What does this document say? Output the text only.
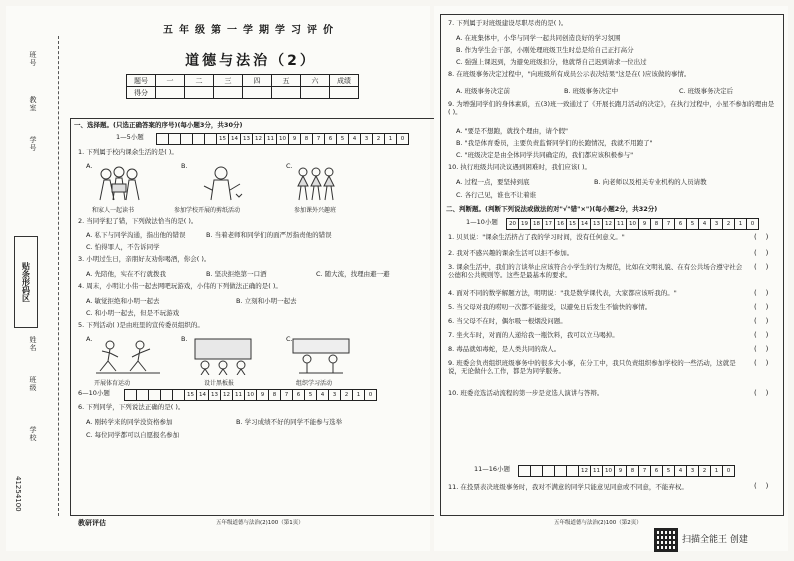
班号
教室
学号
姓名
班级
学校
贴条形码区
41254100
五年级第一学期学习评价
道德与法治（2）
题号	一	二	三	四	五	六	成绩
得分							
一、选择题。(只选正确答案的序号)(每小题3分，共30分)
1—5小题	15 14 13 12 11 10	9	8	7	6	5	4	3	2	1	0
1. 下列属于校内课余生活的是( )。
A.	B.	C.
和家人一起读书	参加学校开展的剪纸活动	参加课外兴趣班
2. 当同学犯了错，下列做法恰当的是( )。
A. 私下与同学沟通，指出他的错误	B. 当着老师和同学们的面严厉指责他的错误
C. 怕得罪人，不告诉同学
3. 小明过生日，亲朋好友劝你喝酒，你会( )。
A. 先陪他，实在不行就拨我	B. 坚决拒绝第一口酒	C. 随大流，找理由避一避
4. 周末，小明让小伟一起去网吧玩游戏，小伟的下列做法正确的是( )。
A. 敏觉拒绝和小明一起去	B. 立刻和小明一起去
C. 和小明一起去，但是不玩游戏
5. 下列活动( )是由班里的宣传委员组织的。
A.	B.	C.
开展体育运动	设计黑板报	组织学习活动
6—10小题	15 14 13 12 11 10	9	8	7	6	5	4	3	2	1	0
6. 下列同学，下列说法正确的是( )。
A. 刚转学来的同学没资格参加	B. 学习成绩不好的同学不能参与选举
C. 每位同学都可以自愿报名参加
教研评估	五年级道德与法治(2)100（第1页）
7. 下列属于对班级建设尽职尽责的是( )。
A. 在班集体中，小华与同学一起共同创造良好的学习氛围
B. 作为学生会干部，小刚处理班级卫生时总是给自己正打高分
C. 强强上课迟到，为避免班级扣分，他就帮自己迟到请求一位出过
8. 在班级事务决定过程中，"向班级所有成员公示表决结果"这是在( )应该做的事情。
A. 班级事务决定前	B. 班级事务决定中	C. 班级事务决定后
9. 为增强同学们的身体素质，五(3)班一致通过了《开展长跑月活动的决定》，在执行过程中，小星不参加的理由是( )。
A. "要是不想跑，就找个理由，请个假"
B. "我是体育委员，主要负责监督同学们的长跑情况，我就不用跑了"
C. "班级决定是由全体同学共同确定的，我们都应该积极参与"
10. 执行班级共同决议遇到困难时，我们应该( )。
A. 过程一点，要坚持到底	B. 向老师以及相关专业机构的人员请教
C. 各行己见，谁也不让着谁
二、判断题。(判断下列说法或做法的对"√"错"×")(每小题2分，共32分)
1—10小题	20 19 18 17 16 15 14 13 12 11 10	9	8	7	6	5	4	3	2	1	0
1. 贝贝说："课余生活挤占了我的学习时间，没有任何意义。"	(    )
2. 我对不感兴趣的课余生活可以拒不参加。	(    )
3. 课余生活中，我们的言谈举止应该符合小学生的行为规范，比如在文明礼貌、在有公共场合遵守社会公德和公共规则等。这些是最基本的要求。
(    )
4. 面对不同的数学解题方法，明明说："我是数学课代表，大家都应该听我的。"	(    )
5. 当父母对我的唠叨一次都不能接受，以避免日后发生不愉快的事情。	(    )
6. 当父母不在时，偶尔吸一根烟没问题。	(    )
7. 坐火车时，对面的人递给我一瓶饮料，我可以立马喝掉。	(    )
8. 毒品就如毒蛇，是人类共同的敌人。	(    )
9. 班委会负责组织班级事务中的很多大小事，在分工中，我只负责组织参加学校的一些活动，这就是说，无论做什么工作，都是为同学服务。
(    )
10. 班委竞选活动流程的第一步是竞选人演讲与答辩。	(    )
11—16小题	12 11 10	9	8	7	6	5	4	3	2	1	0
11. 在投票表决班级事务时，我对不满意的同学只能意见同意或不同意，不能弃权。	(    )
五年级道德与法治(2)100（第2页）
扫描全能王 创建
